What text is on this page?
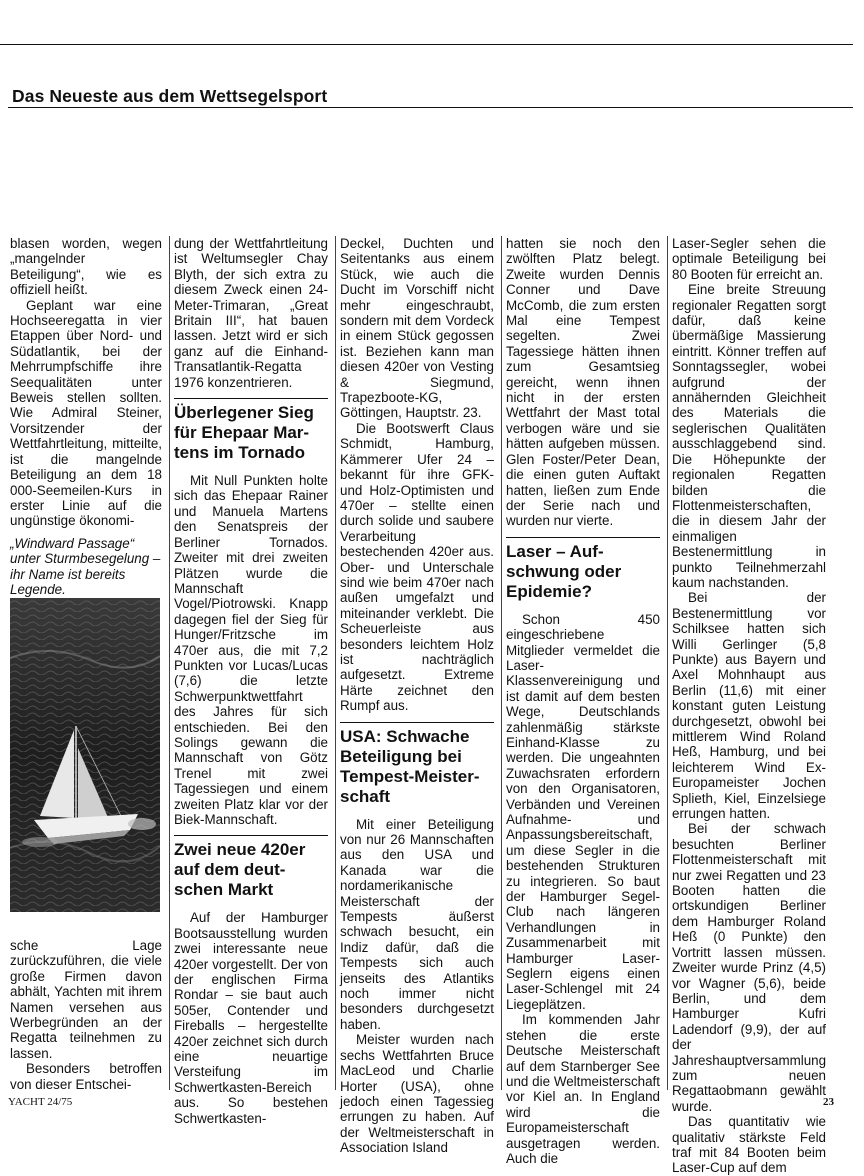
Das Neueste aus dem Wettsegelsport

blasen worden, wegen „mangelnder Beteiligung“, wie es offiziell heißt.

Geplant war eine Hochseeregatta in vier Etappen über Nord- und Südatlantik, bei der Mehrrumpfschiffe ihre Seequalitäten unter Beweis stellen sollten. Wie Admiral Steiner, Vorsitzender der Wettfahrtleitung, mitteilte, ist die mangelnde Beteiligung an dem 18 000-Seemeilen-Kurs in erster Linie auf die ungünstige ökonomi-

„Windward Passage“ unter Sturmbesegelung – ihr Name ist bereits Legende.

sche Lage zurückzuführen, die viele große Firmen davon abhält, Yachten mit ihrem Namen versehen aus Werbegründen an der Regatta teilnehmen zu lassen.

Besonders betroffen von dieser Entschei-

dung der Wettfahrtleitung ist Weltumsegler Chay Blyth, der sich extra zu diesem Zweck einen 24-Meter-Trimaran, „Great Britain III“, hat bauen lassen. Jetzt wird er sich ganz auf die Einhand-Transatlantik-Regatta 1976 konzentrieren.

Überlegener Sieg
für Ehepaar Mar-
tens im Tornado

Mit Null Punkten holte sich das Ehepaar Rainer und Manuela Martens den Senatspreis der Berliner Tornados. Zweiter mit drei zweiten Plätzen wurde die Mannschaft Vogel/Piotrowski. Knapp dagegen fiel der Sieg für Hunger/Fritzsche im 470er aus, die mit 7,2 Punkten vor Lucas/Lucas (7,6) die letzte Schwerpunktwettfahrt des Jahres für sich entschieden. Bei den Solings gewann die Mannschaft von Götz Trenel mit zwei Tagessiegen und einem zweiten Platz klar vor der Biek-Mannschaft.

Zwei neue 420er
auf dem deut-
schen Markt

Auf der Hamburger Bootsausstellung wurden zwei interessante neue 420er vorgestellt. Der von der englischen Firma Rondar – sie baut auch 505er, Contender und Fireballs – hergestellte 420er zeichnet sich durch eine neuartige Versteifung im Schwertkasten-Bereich aus. So bestehen Schwertkasten-

Deckel, Duchten und Seitentanks aus einem Stück, wie auch die Ducht im Vorschiff nicht mehr eingeschraubt, sondern mit dem Vordeck in einem Stück gegossen ist. Beziehen kann man diesen 420er von Vesting & Siegmund, Trapezboote-KG, Göttingen, Hauptstr. 23.

Die Bootswerft Claus Schmidt, Hamburg, Kämmerer Ufer 24 – bekannt für ihre GFK- und Holz-Optimisten und 470er – stellte einen durch solide und saubere Verarbeitung bestechenden 420er aus. Ober- und Unterschale sind wie beim 470er nach außen umgefalzt und miteinander verklebt. Die Scheuerleiste aus besonders leichtem Holz ist nachträglich aufgesetzt. Extreme Härte zeichnet den Rumpf aus.

USA: Schwache
Beteiligung bei
Tempest-Meister-
schaft

Mit einer Beteiligung von nur 26 Mannschaften aus den USA und Kanada war die nordamerikanische Meisterschaft der Tempests äußerst schwach besucht, ein Indiz dafür, daß die Tempests sich auch jenseits des Atlantiks noch immer nicht besonders durchgesetzt haben.

Meister wurden nach sechs Wettfahrten Bruce MacLeod und Charlie Horter (USA), ohne jedoch einen Tagessieg errungen zu haben. Auf der Weltmeisterschaft in Association Island

hatten sie noch den zwölften Platz belegt. Zweite wurden Dennis Conner und Dave McComb, die zum ersten Mal eine Tempest segelten. Zwei Tagessiege hätten ihnen zum Gesamtsieg gereicht, wenn ihnen nicht in der ersten Wettfahrt der Mast total verbogen wäre und sie hätten aufgeben müssen. Glen Foster/Peter Dean, die einen guten Auftakt hatten, ließen zum Ende der Serie nach und wurden nur vierte.

Laser – Auf-
schwung oder
Epidemie?

Schon 450 eingeschriebene Mitglieder vermeldet die Laser-Klassenvereinigung und ist damit auf dem besten Wege, Deutschlands zahlenmäßig stärkste Einhand-Klasse zu werden. Die ungeahnten Zuwachsraten erfordern von den Organisatoren, Verbänden und Vereinen Aufnahme- und Anpassungsbereitschaft, um diese Segler in die bestehenden Strukturen zu integrieren. So baut der Hamburger Segel-Club nach längeren Verhandlungen in Zusammenarbeit mit Hamburger Laser-Seglern eigens einen Laser-Schlengel mit 24 Liegeplätzen.

Im kommenden Jahr stehen die erste Deutsche Meisterschaft auf dem Starnberger See und die Weltmeisterschaft vor Kiel an. In England wird die Europameisterschaft ausgetragen werden. Auch die

Laser-Segler sehen die optimale Beteiligung bei 80 Booten für erreicht an.

Eine breite Streuung regionaler Regatten sorgt dafür, daß keine übermäßige Massierung eintritt. Könner treffen auf Sonntagssegler, wobei aufgrund der annähernden Gleichheit des Materials die seglerischen Qualitäten ausschlaggebend sind. Die Höhepunkte der regionalen Regatten bilden die Flottenmeisterschaften, die in diesem Jahr der einmaligen Bestenermittlung in punkto Teilnehmerzahl kaum nachstanden.

Bei der Bestenermittlung vor Schilksee hatten sich Willi Gerlinger (5,8 Punkte) aus Bayern und Axel Mohnhaupt aus Berlin (11,6) mit einer konstant guten Leistung durchgesetzt, obwohl bei mittlerem Wind Roland Heß, Hamburg, und bei leichterem Wind Ex-Europameister Jochen Splieth, Kiel, Einzelsiege errungen hatten.

Bei der schwach besuchten Berliner Flottenmeisterschaft mit nur zwei Regatten und 23 Booten hatten die ortskundigen Berliner dem Hamburger Roland Heß (0 Punkte) den Vortritt lassen müssen. Zweiter wurde Prinz (4,5) vor Wagner (5,6), beide Berlin, und dem Hamburger Kufri Ladendorf (9,9), der auf der Jahreshauptversammlung zum neuen Regattaobmann gewählt wurde.

Das quantitativ wie qualitativ stärkste Feld traf mit 84 Booten beim Laser-Cup auf dem

YACHT 24/75	23
